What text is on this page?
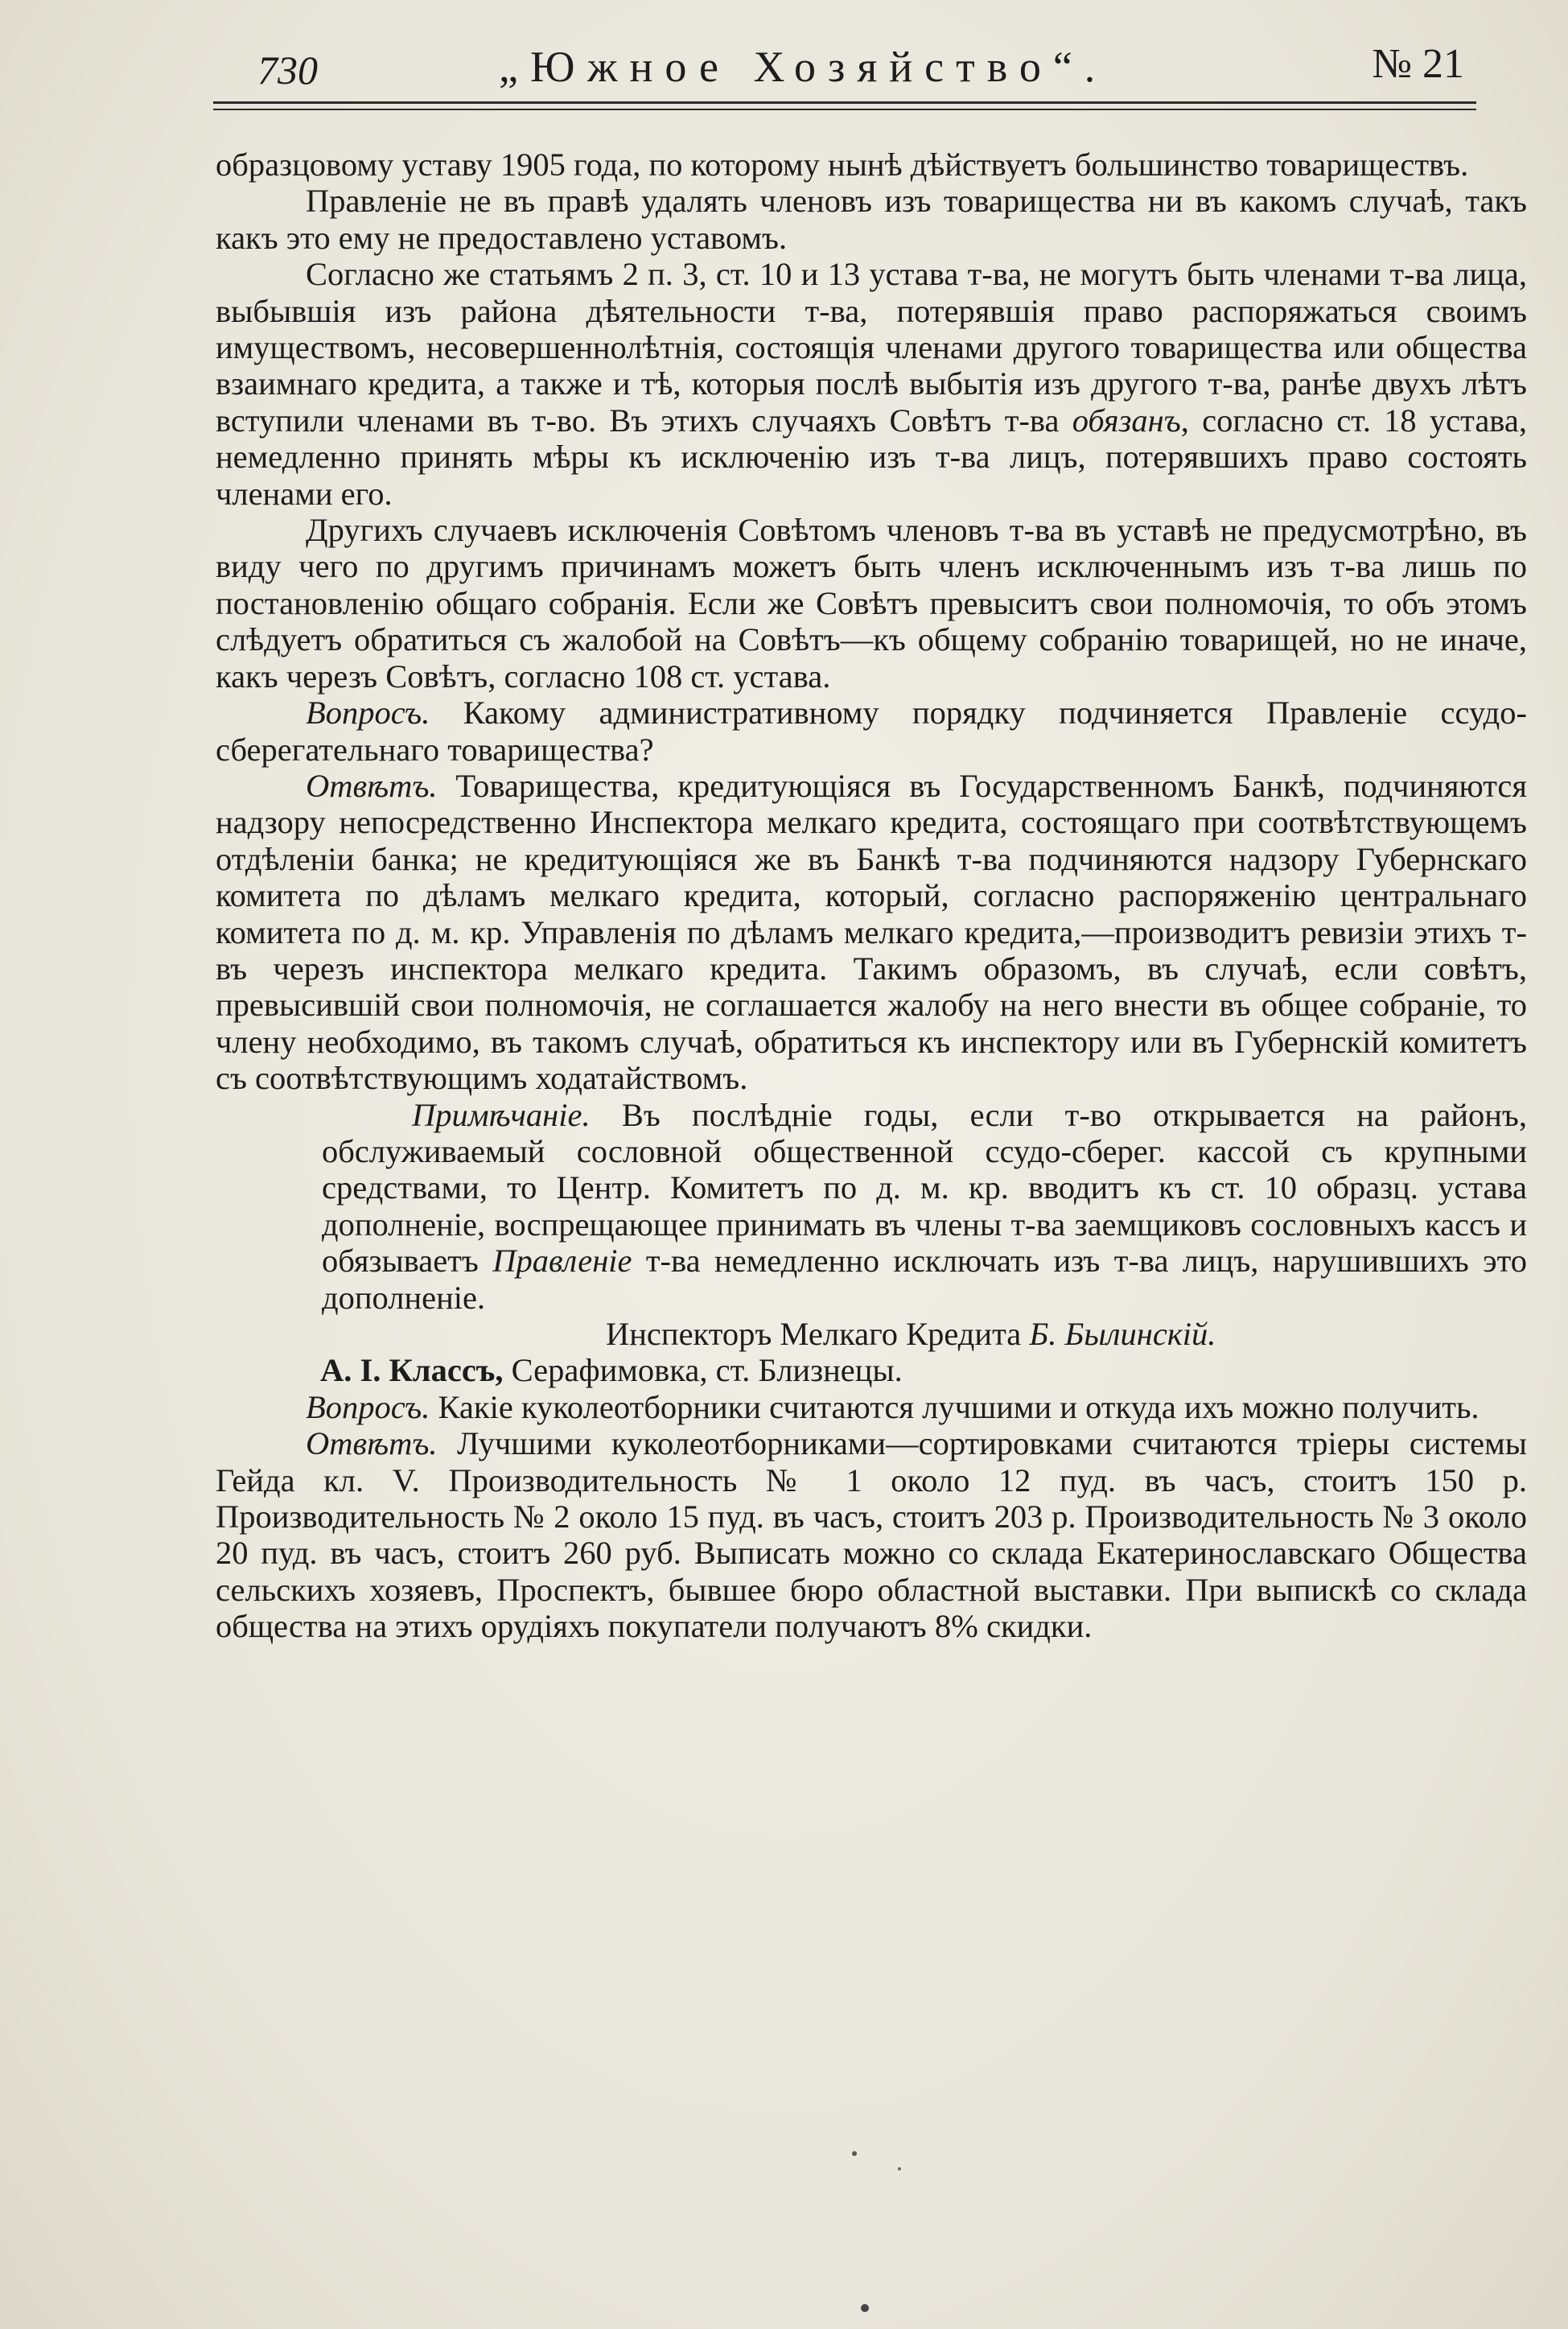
730	„Южное Хозяйство“.	№ 21

образцовому уставу 1905 года, по которому нынѣ дѣйствуетъ большинство товариществъ.

Правленіе не въ правѣ удалять членовъ изъ товарищества ни въ какомъ случаѣ, такъ какъ это ему не предоставлено уставомъ.

Согласно же статьямъ 2 п. 3, ст. 10 и 13 устава т-ва, не могутъ быть членами т-ва лица, выбывшія изъ района дѣятельности т-ва, потерявшія право распоряжаться своимъ имуществомъ, несовершеннолѣтнія, состоящія членами другого товарищества или общества взаимнаго кредита, а также и тѣ, которыя послѣ выбытія изъ другого т-ва, ранѣе двухъ лѣтъ вступили членами въ т-во. Въ этихъ случаяхъ Совѣтъ т-ва обязанъ, согласно ст. 18 устава, немедленно принять мѣры къ исключенію изъ т-ва лицъ, потерявшихъ право состоять членами его.

Другихъ случаевъ исключенія Совѣтомъ членовъ т-ва въ уставѣ не предусмотрѣно, въ виду чего по другимъ причинамъ можетъ быть членъ исключеннымъ изъ т-ва лишь по постановленію общаго собранія. Если же Совѣтъ превыситъ свои полномочія, то объ этомъ слѣдуетъ обратиться съ жалобой на Совѣтъ—къ общему собранію товарищей, но не иначе, какъ черезъ Совѣтъ, согласно 108 ст. устава.

Вопросъ. Какому административному порядку подчиняется Правленіе ссудо-сберегательнаго товарищества?

Отвѣтъ. Товарищества, кредитующіяся въ Государственномъ Банкѣ, подчиняются надзору непосредственно Инспектора мелкаго кредита, состоящаго при соотвѣтствующемъ отдѣленіи банка; не кредитующіяся же въ Банкѣ т-ва подчиняются надзору Губернскаго комитета по дѣламъ мелкаго кредита, который, согласно распоряженію центральнаго комитета по д. м. кр. Управленія по дѣламъ мелкаго кредита,—производитъ ревизіи этихъ т-въ черезъ инспектора мелкаго кредита. Такимъ образомъ, въ случаѣ, если совѣтъ, превысившій свои полномочія, не соглашается жалобу на него внести въ общее собраніе, то члену необходимо, въ такомъ случаѣ, обратиться къ инспектору или въ Губернскій комитетъ съ соотвѣтствующимъ ходатайствомъ.

Примѣчаніе. Въ послѣдніе годы, если т-во открывается на районъ, обслуживаемый сословной общественной ссудо-сберег. кассой съ крупными средствами, то Центр. Комитетъ по д. м. кр. вводитъ къ ст. 10 образц. устава дополненіе, воспрещающее принимать въ члены т-ва заемщиковъ сословныхъ кассъ и обязываетъ Правленіе т-ва немедленно исключать изъ т-ва лицъ, нарушившихъ это дополненіе.

Инспекторъ Мелкаго Кредита Б. Былинскій.

А. І. Классъ, Серафимовка, ст. Близнецы.

Вопросъ. Какіе куколеотборники считаются лучшими и откуда ихъ можно получить.

Отвѣтъ. Лучшими куколеотборниками—сортировками считаются тріеры системы Гейда кл. V. Производительность № 1 около 12 пуд. въ часъ, стоитъ 150 р. Производительность № 2 около 15 пуд. въ часъ, стоитъ 203 р. Производительность № 3 около 20 пуд. въ часъ, стоитъ 260 руб. Выписать можно со склада Екатеринославскаго Общества сельскихъ хозяевъ, Проспектъ, бывшее бюро областной выставки. При выпискѣ со склада общества на этихъ орудіяхъ покупатели получаютъ 8% скидки.
